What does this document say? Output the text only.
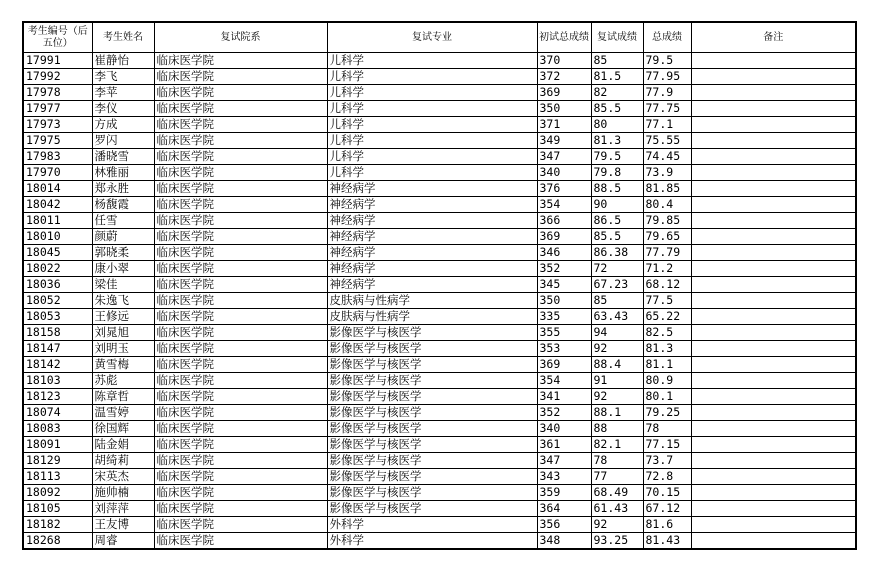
考生编号（后五位）	考生姓名	复试院系	复试专业	初试总成绩	复试成绩	总成绩	备注
17991	崔静怡	临床医学院	儿科学	370	85	79.5	
17992	李飞	临床医学院	儿科学	372	81.5	77.95	
17978	李苹	临床医学院	儿科学	369	82	77.9	
17977	李仪	临床医学院	儿科学	350	85.5	77.75	
17973	方成	临床医学院	儿科学	371	80	77.1	
17975	罗闪	临床医学院	儿科学	349	81.3	75.55	
17983	潘晓雪	临床医学院	儿科学	347	79.5	74.45	
17970	林雅丽	临床医学院	儿科学	340	79.8	73.9	
18014	郑永胜	临床医学院	神经病学	376	88.5	81.85	
18042	杨馥霞	临床医学院	神经病学	354	90	80.4	
18011	任雪	临床医学院	神经病学	366	86.5	79.85	
18010	颜蔚	临床医学院	神经病学	369	85.5	79.65	
18045	郭晓柔	临床医学院	神经病学	346	86.38	77.79	
18022	康小翠	临床医学院	神经病学	352	72	71.2	
18036	梁佳	临床医学院	神经病学	345	67.23	68.12	
18052	朱逸飞	临床医学院	皮肤病与性病学	350	85	77.5	
18053	王修远	临床医学院	皮肤病与性病学	335	63.43	65.22	
18158	刘晁旭	临床医学院	影像医学与核医学	355	94	82.5	
18147	刘明玉	临床医学院	影像医学与核医学	353	92	81.3	
18142	黄雪梅	临床医学院	影像医学与核医学	369	88.4	81.1	
18103	苏彪	临床医学院	影像医学与核医学	354	91	80.9	
18123	陈章哲	临床医学院	影像医学与核医学	341	92	80.1	
18074	温雪婷	临床医学院	影像医学与核医学	352	88.1	79.25	
18083	徐国辉	临床医学院	影像医学与核医学	340	88	78	
18091	陆金娟	临床医学院	影像医学与核医学	361	82.1	77.15	
18129	胡绮莉	临床医学院	影像医学与核医学	347	78	73.7	
18113	宋英杰	临床医学院	影像医学与核医学	343	77	72.8	
18092	施帅楠	临床医学院	影像医学与核医学	359	68.49	70.15	
18105	刘萍萍	临床医学院	影像医学与核医学	364	61.43	67.12	
18182	王友博	临床医学院	外科学	356	92	81.6	
18268	周睿	临床医学院	外科学	348	93.25	81.43	
